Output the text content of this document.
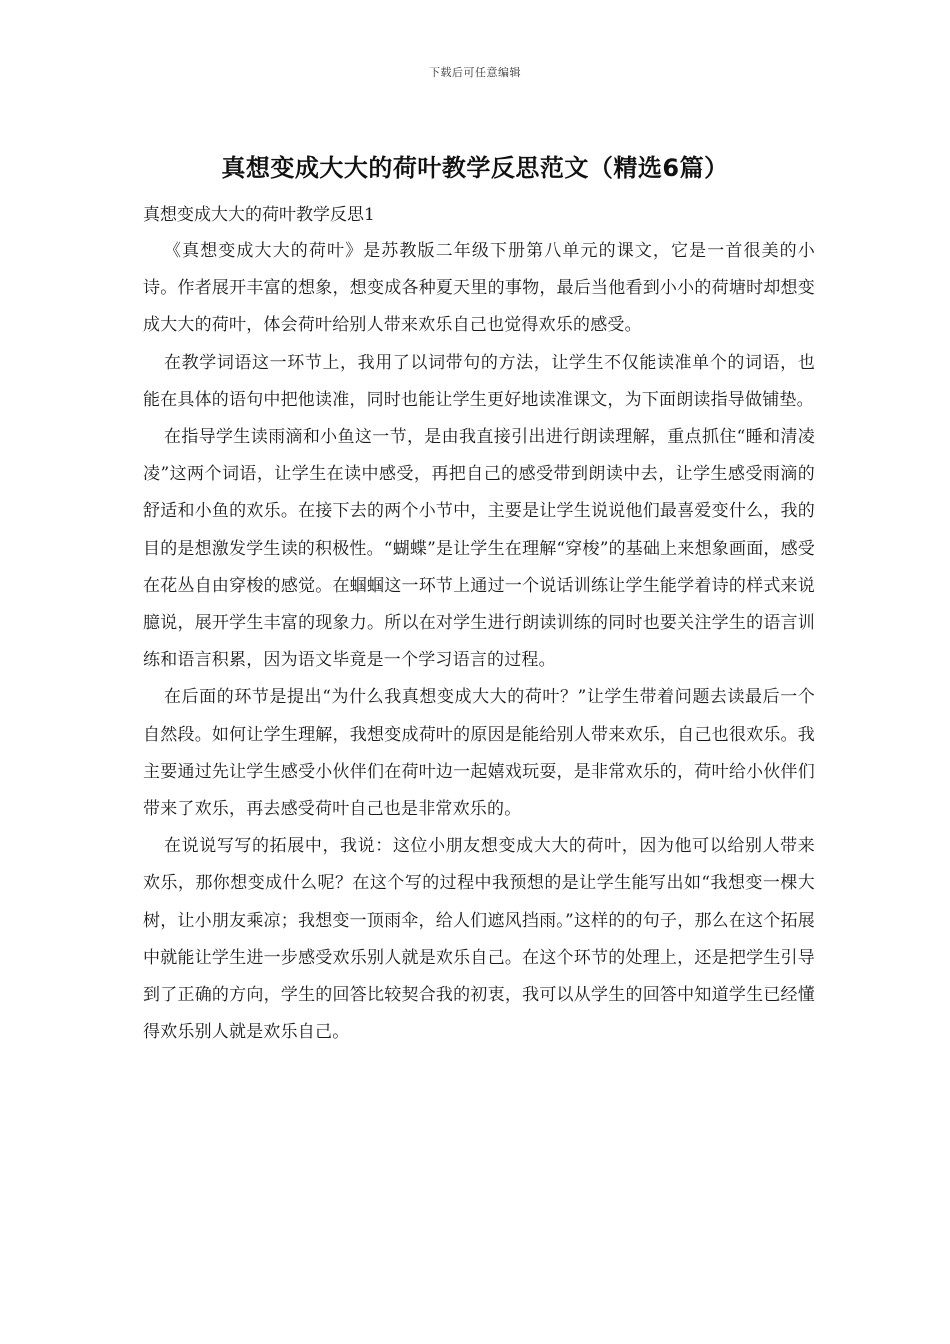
下载后可任意编辑
真想变成大大的荷叶教学反思范文（精选6篇）

真想变成大大的荷叶教学反思1

《真想变成大大的荷叶》是苏教版二年级下册第八单元的课文，它是一首很美的小诗。作者展开丰富的想象，想变成各种夏天里的事物，最后当他看到小小的荷塘时却想变成大大的荷叶，体会荷叶给别人带来欢乐自己也觉得欢乐的感受。

在教学词语这一环节上，我用了以词带句的方法，让学生不仅能读准单个的词语，也能在具体的语句中把他读准，同时也能让学生更好地读准课文，为下面朗读指导做铺垫。

在指导学生读雨滴和小鱼这一节，是由我直接引出进行朗读理解，重点抓住“睡和清凌凌”这两个词语，让学生在读中感受，再把自己的感受带到朗读中去，让学生感受雨滴的舒适和小鱼的欢乐。在接下去的两个小节中，主要是让学生说说他们最喜爱变什么，我的目的是想激发学生读的积极性。“蝴蝶”是让学生在理解“穿梭”的基础上来想象画面，感受在花丛自由穿梭的感觉。在蝈蝈这一环节上通过一个说话训练让学生能学着诗的样式来说臆说，展开学生丰富的现象力。所以在对学生进行朗读训练的同时也要关注学生的语言训练和语言积累，因为语文毕竟是一个学习语言的过程。

在后面的环节是提出“为什么我真想变成大大的荷叶？”让学生带着问题去读最后一个自然段。如何让学生理解，我想变成荷叶的原因是能给别人带来欢乐，自己也很欢乐。我主要通过先让学生感受小伙伴们在荷叶边一起嬉戏玩耍，是非常欢乐的，荷叶给小伙伴们带来了欢乐，再去感受荷叶自己也是非常欢乐的。

在说说写写的拓展中，我说：这位小朋友想变成大大的荷叶，因为他可以给别人带来欢乐，那你想变成什么呢？在这个写的过程中我预想的是让学生能写出如“我想变一棵大树，让小朋友乘凉；我想变一顶雨伞，给人们遮风挡雨。”这样的的句子，那么在这个拓展中就能让学生进一步感受欢乐别人就是欢乐自己。在这个环节的处理上，还是把学生引导到了正确的方向，学生的回答比较契合我的初衷，我可以从学生的回答中知道学生已经懂得欢乐别人就是欢乐自己。
